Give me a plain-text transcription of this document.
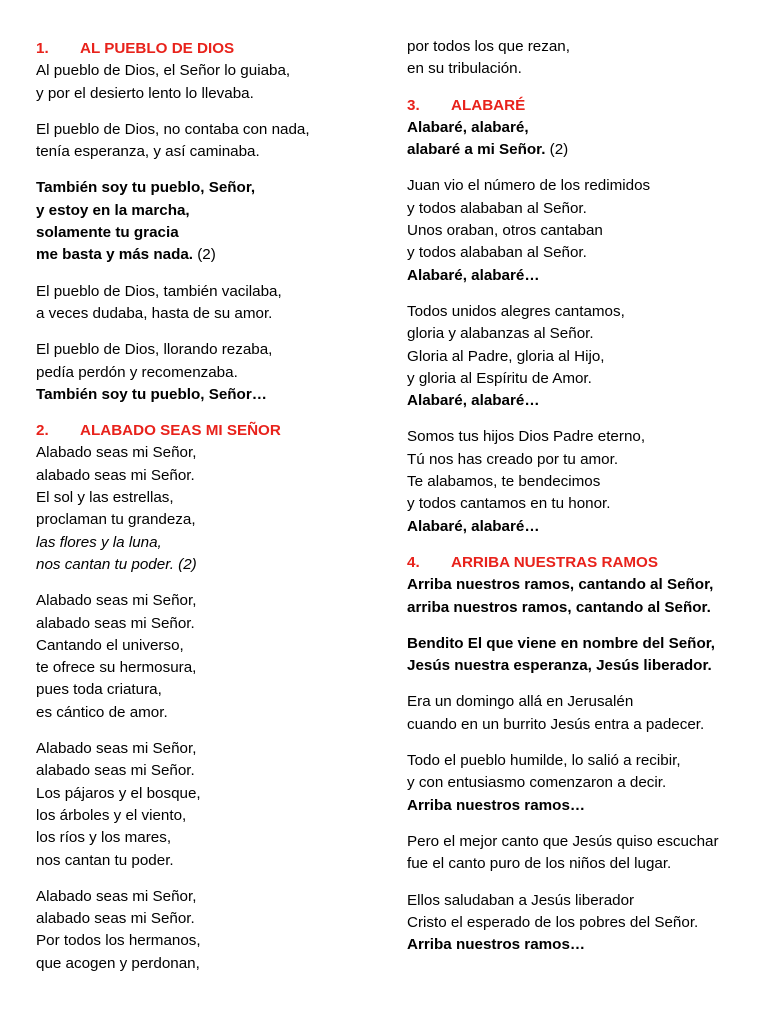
1. AL PUEBLO DE DIOS

Al pueblo de Dios, el Señor lo guiaba,
y por el desierto lento lo llevaba.
El pueblo de Dios, no contaba con nada,
tenía esperanza, y así caminaba.
También soy tu pueblo, Señor,
y estoy en la marcha,
solamente tu gracia
me basta y más nada. (2)
El pueblo de Dios, también vacilaba,
a veces dudaba, hasta de su amor.
El pueblo de Dios, llorando rezaba,
pedía perdón y recomenzaba.
También soy tu pueblo, Señor…

2. ALABADO SEAS MI SEÑOR

Alabado seas mi Señor,
alabado seas mi Señor.
El sol y las estrellas,
proclaman tu grandeza,
las flores y la luna,
nos cantan tu poder. (2)
Alabado seas mi Señor,
alabado seas mi Señor.
Cantando el universo,
te ofrece su hermosura,
pues toda criatura,
es cántico de amor.
Alabado seas mi Señor,
alabado seas mi Señor.
Los pájaros y el bosque,
los árboles y el viento,
los ríos y los mares,
nos cantan tu poder.
Alabado seas mi Señor,
alabado seas mi Señor.
Por todos los hermanos,
que acogen y perdonan,
por todos los que rezan,
en su tribulación.

3. ALABARÉ

Alabaré, alabaré,
alabaré a mi Señor. (2)
Juan vio el número de los redimidos
y todos alababan al Señor.
Unos oraban, otros cantaban
y todos alababan al Señor.
Alabaré, alabaré…
Todos unidos alegres cantamos,
gloria y alabanzas al Señor.
Gloria al Padre, gloria al Hijo,
y gloria al Espíritu de Amor.
Alabaré, alabaré…
Somos tus hijos Dios Padre eterno,
Tú nos has creado por tu amor.
Te alabamos, te bendecimos
y todos cantamos en tu honor.
Alabaré, alabaré…

4. ARRIBA NUESTRAS RAMOS

Arriba nuestros ramos, cantando al Señor,
arriba nuestros ramos, cantando al Señor.
Bendito El que viene en nombre del Señor,
Jesús nuestra esperanza, Jesús liberador.
Era un domingo allá en Jerusalén
cuando en un burrito Jesús entra a padecer.
Todo el pueblo humilde, lo salió a recibir,
y con entusiasmo comenzaron a decir.
Arriba nuestros ramos…
Pero el mejor canto que Jesús quiso escuchar
fue el canto puro de los niños del lugar.
Ellos saludaban a Jesús liberador
Cristo el esperado de los pobres del Señor.
Arriba nuestros ramos…
